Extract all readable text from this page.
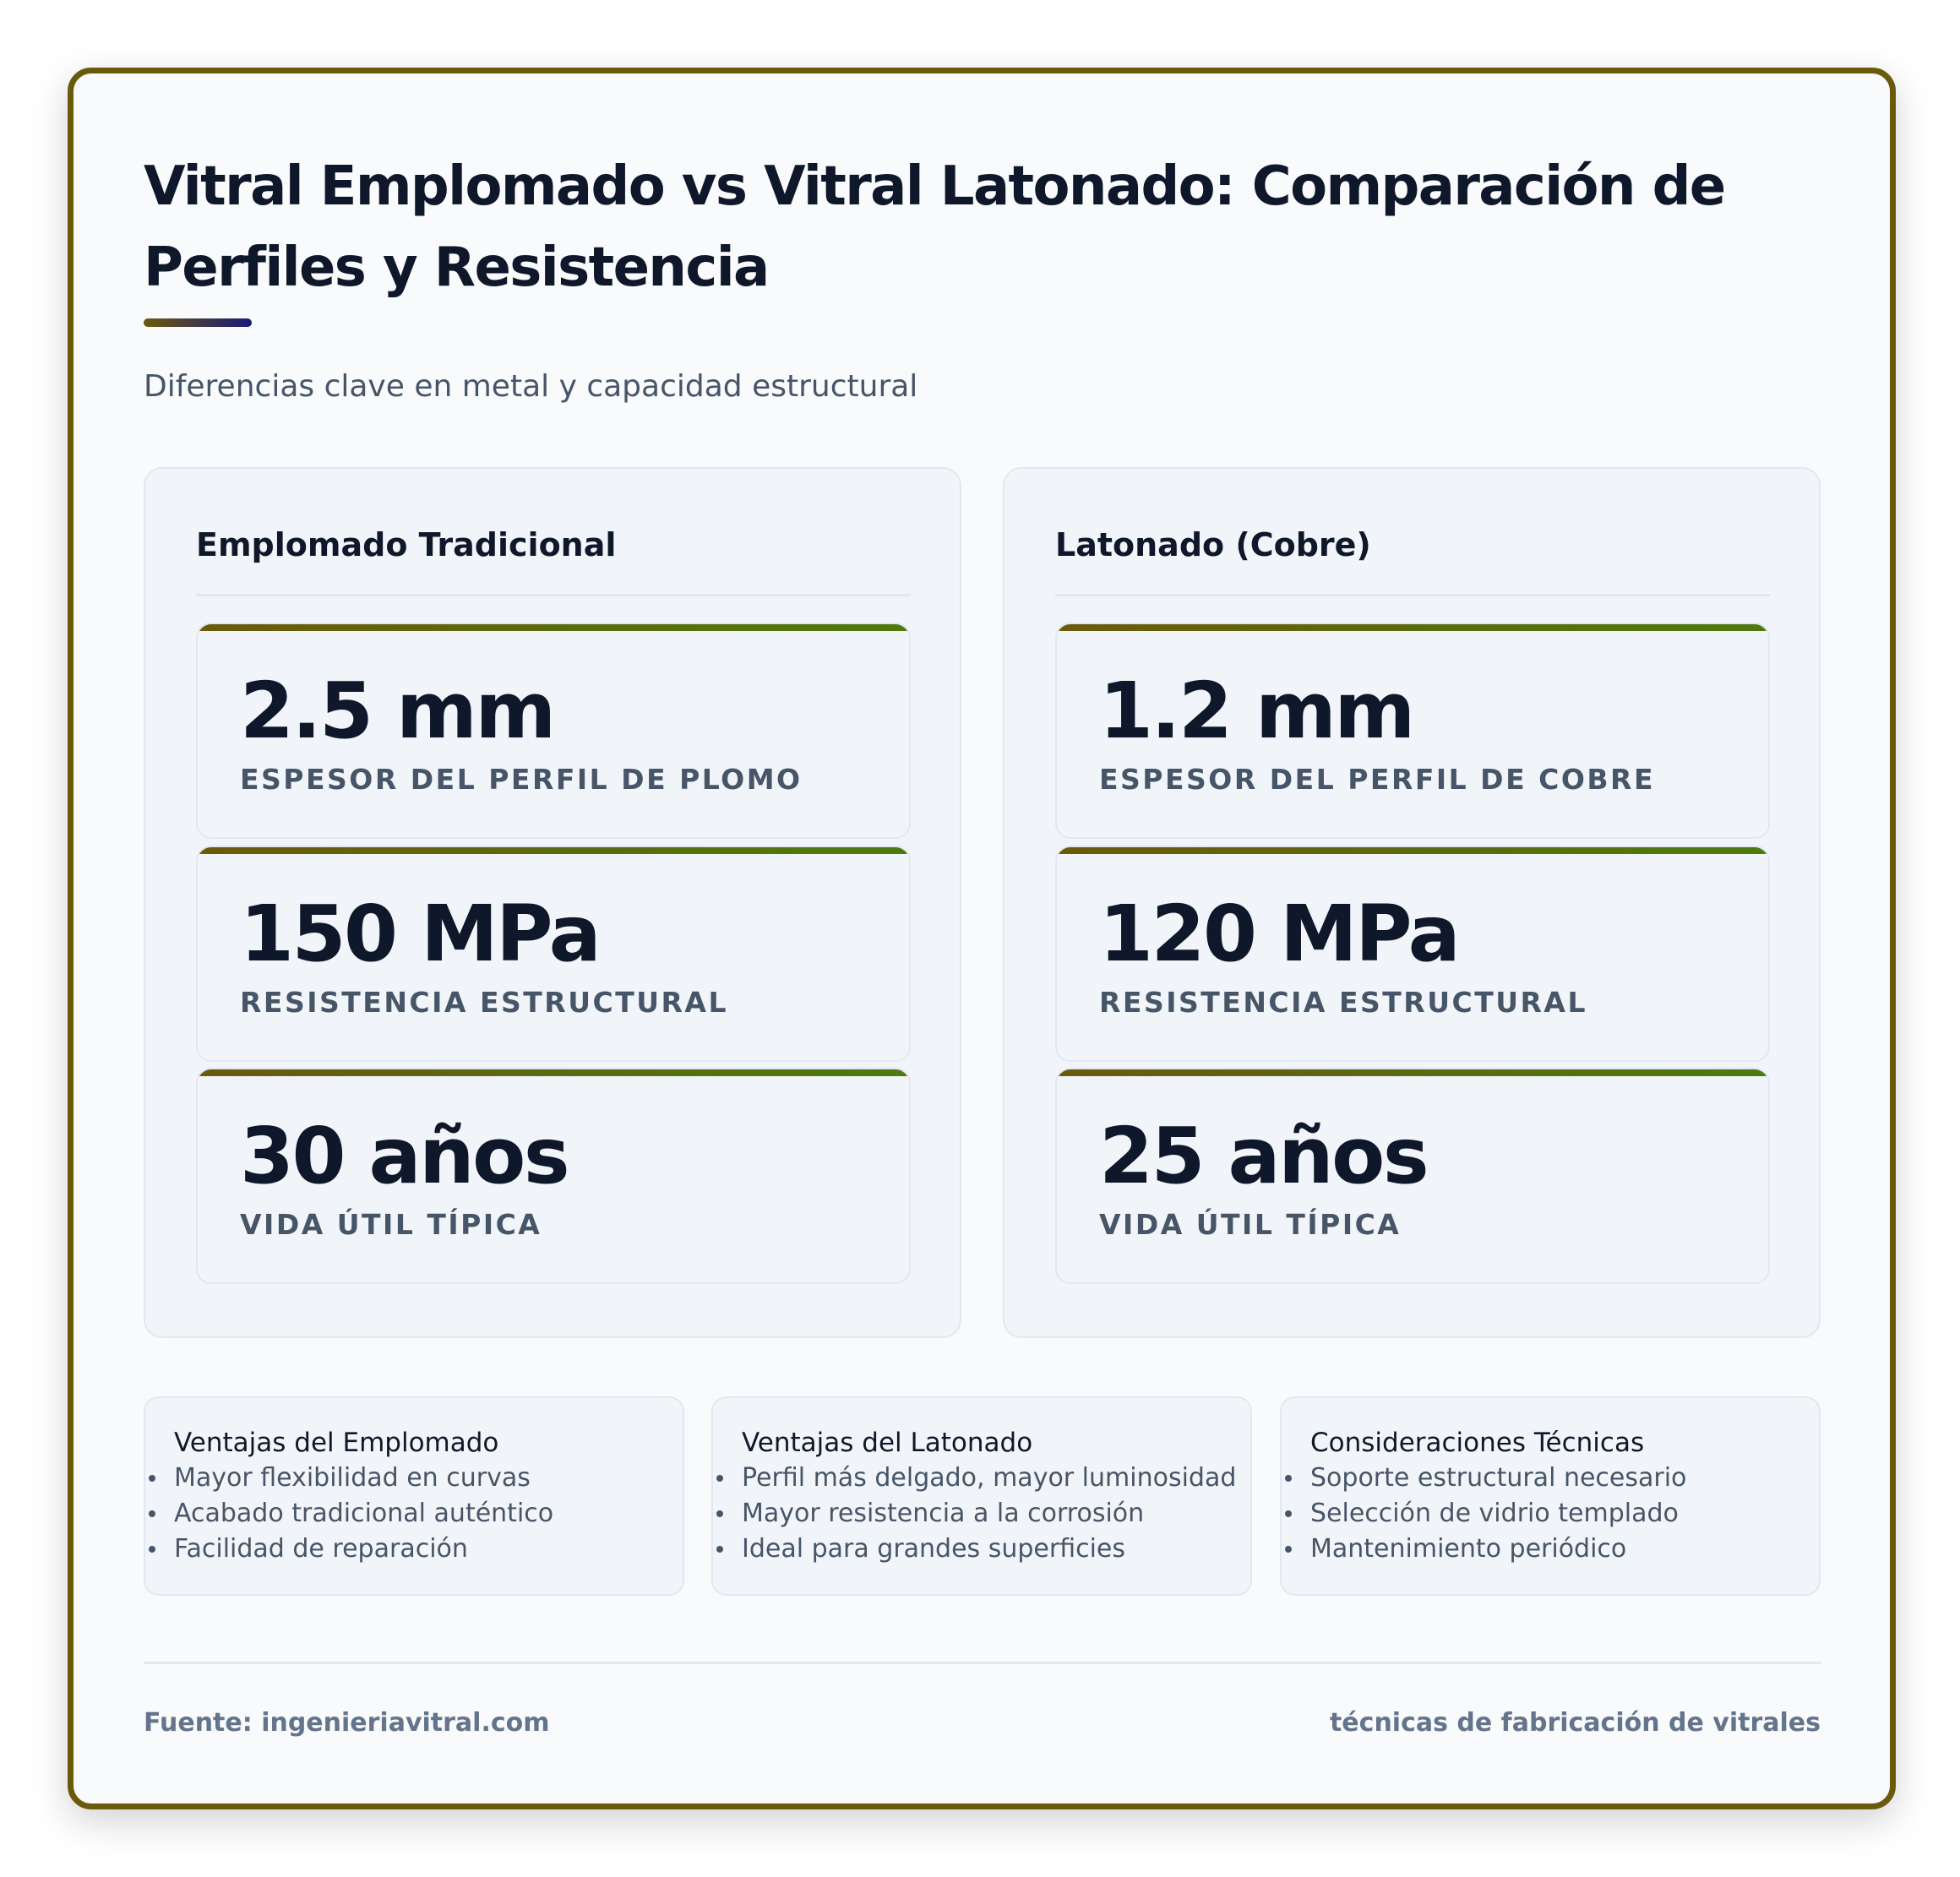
Vitral Emplomado vs Vitral Latonado: Comparación de Perfiles y Resistencia
Diferencias clave en metal y capacidad estructural
Emplomado Tradicional
2.5 mm
ESPESOR DEL PERFIL DE PLOMO
150 MPa
RESISTENCIA ESTRUCTURAL
30 años
VIDA ÚTIL TÍPICA
Latonado (Cobre)
1.2 mm
ESPESOR DEL PERFIL DE COBRE
120 MPa
RESISTENCIA ESTRUCTURAL
25 años
VIDA ÚTIL TÍPICA
Ventajas del Emplomado
Mayor flexibilidad en curvas
Acabado tradicional auténtico
Facilidad de reparación
Ventajas del Latonado
Perfil más delgado, mayor luminosidad
Mayor resistencia a la corrosión
Ideal para grandes superficies
Consideraciones Técnicas
Soporte estructural necesario
Selección de vidrio templado
Mantenimiento periódico
Fuente: ingenieriavitral.com	técnicas de fabricación de vitrales
